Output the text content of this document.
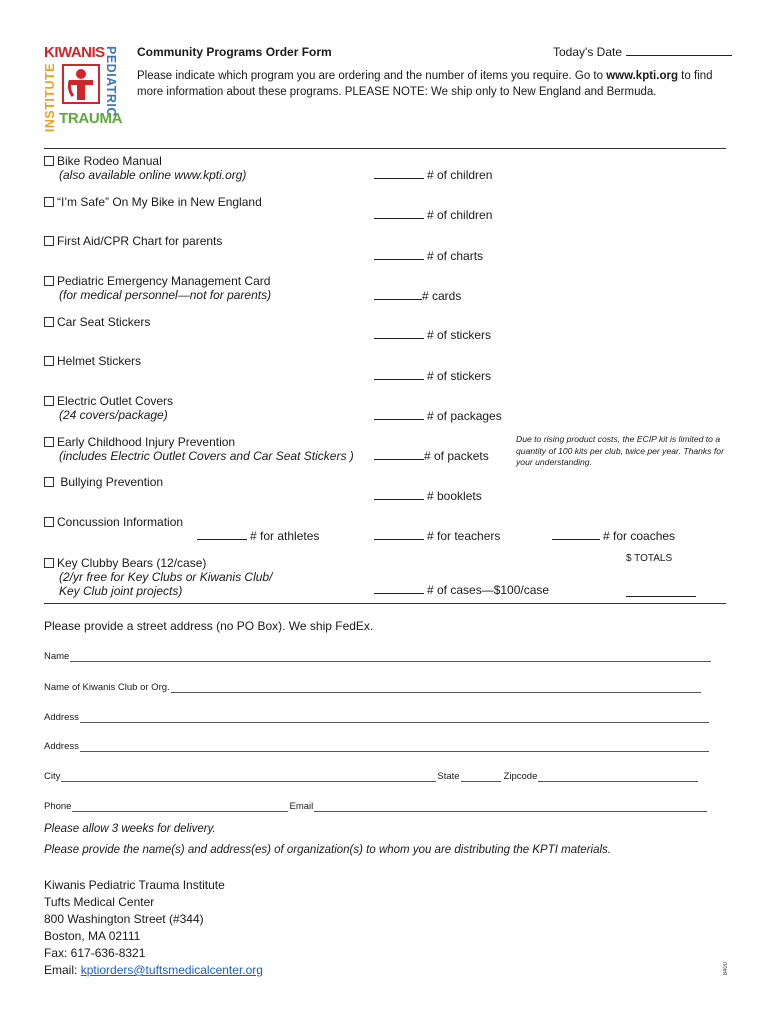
KIWANIS PEDIATRIC
INSTITUTE TRAUMA
Community Programs Order Form	Today's Date
Please indicate which program you are ordering and the number of items you require. Go to www.kpti.org to find more information about these programs. PLEASE NOTE: We ship only to New England and Bermuda.
Bike Rodeo Manual
(also available online www.kpti.org)	# of children
“I’m Safe” On My Bike in New England
# of children
First Aid/CPR Chart for parents
# of charts
Pediatric Emergency Management Card
(for medical personnel—not for parents)	# cards
Car Seat Stickers
# of stickers
Helmet Stickers
# of stickers
Electric Outlet Covers
(24 covers/package)	# of packages
Early Childhood Injury Prevention
(includes Electric Outlet Covers and Car Seat Stickers )	# of packets
Due to rising product costs, the ECIP kit is limited to a quantity of 100 kits per club, twice per year. Thanks for your understanding.
Bullying Prevention
# booklets
Concussion Information
# for athletes	# for teachers	# for coaches
Key Clubby Bears (12/case)
(2/yr free for Key Clubs or Kiwanis Club/
Key Club joint projects)	# of cases—$100/case
$ TOTALS
Please provide a street address (no PO Box). We ship FedEx.
Name
Name of Kiwanis Club or Org.
Address
Address
City	State	Zipcode
Phone	Email
Please allow 3 weeks for delivery.
Please provide the name(s) and address(es) of organization(s) to whom you are distributing the KPTI materials.
Kiwanis Pediatric Trauma Institute
Tufts Medical Center
800 Washington Street (#344)
Boston, MA 02111
Fax: 617-636-8321
Email: kptiorders@tuftsmedicalcenter.org	8400
